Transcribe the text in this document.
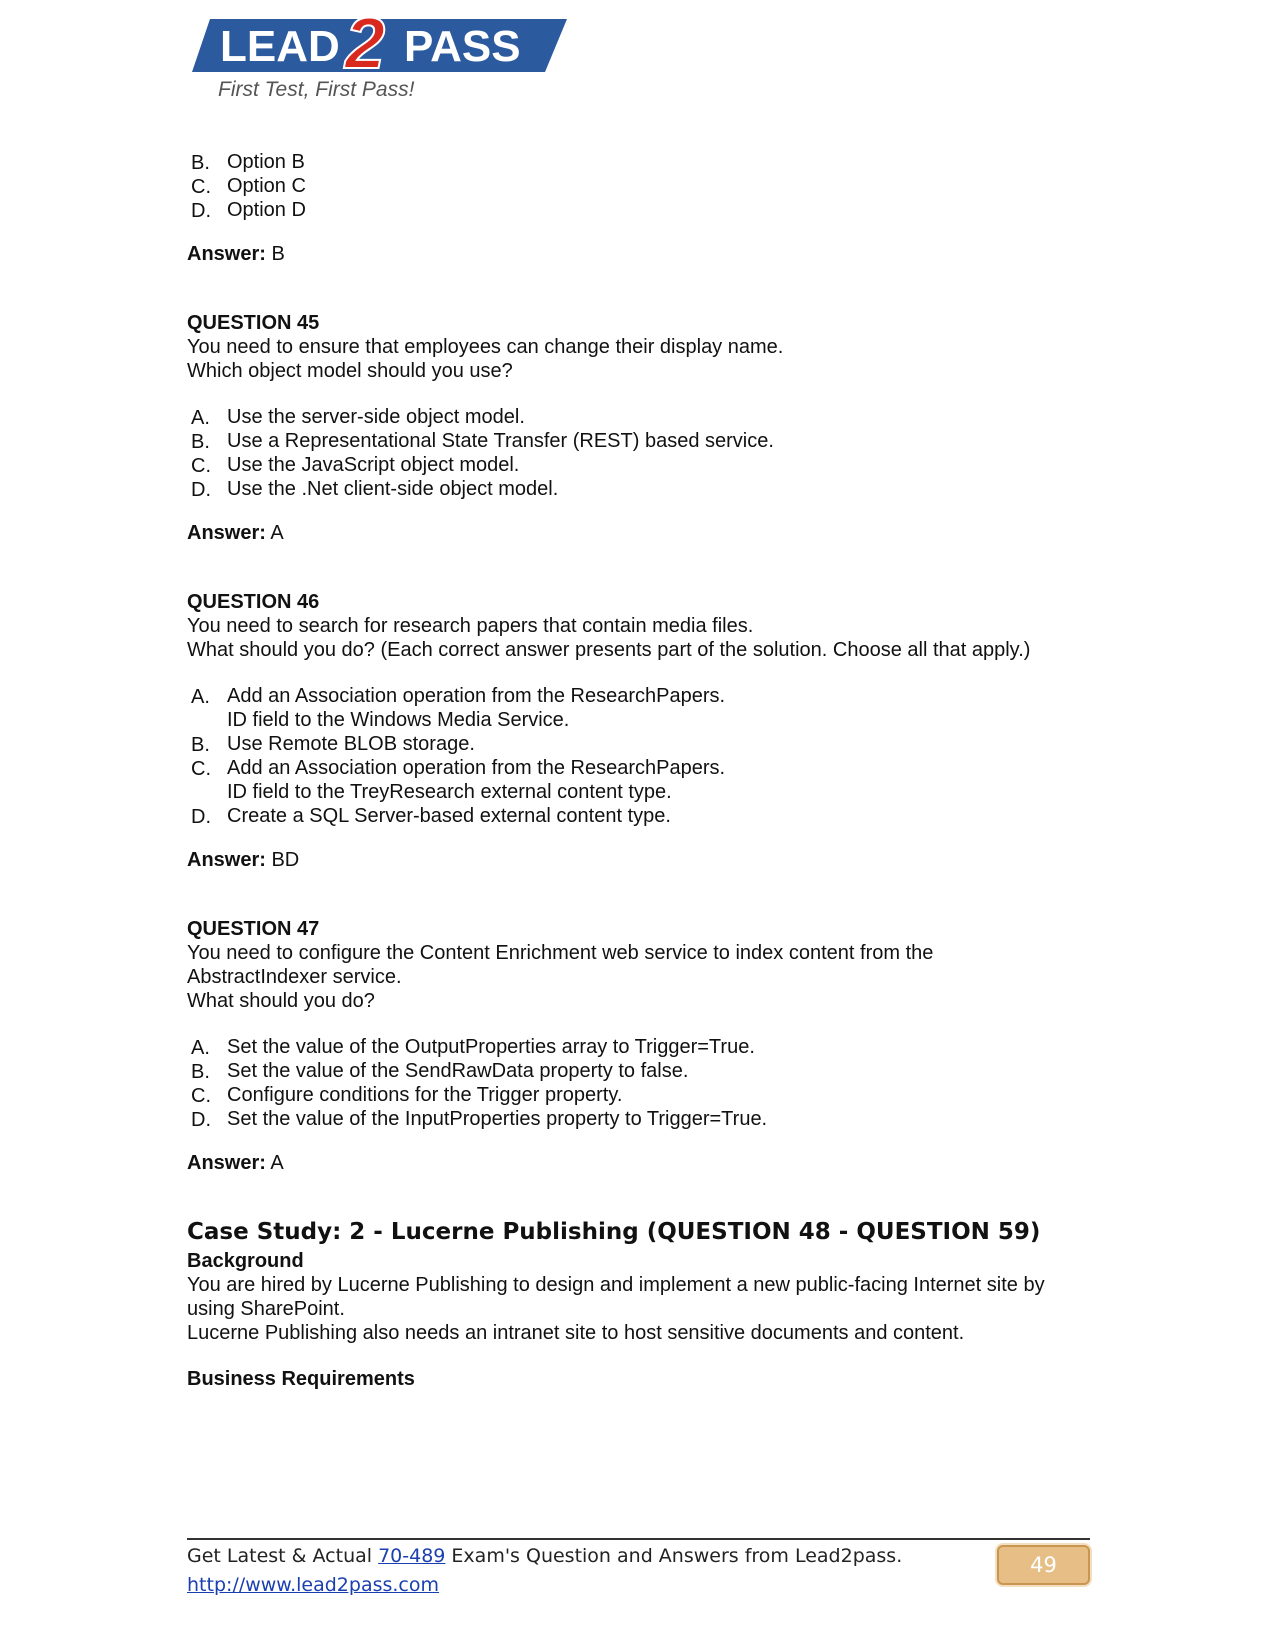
LEAD 2 PASS
First Test, First Pass!
B. Option B
C. Option C
D. Option D

Answer: B

QUESTION 45

You need to ensure that employees can change their display name.

Which object model should you use?

A. Use the server-side object model.
B. Use a Representational State Transfer (REST) based service.
C. Use the JavaScript object model.
D. Use the .Net client-side object model.

Answer: A

QUESTION 46

You need to search for research papers that contain media files.

What should you do? (Each correct answer presents part of the solution. Choose all that apply.)

A. Add an Association operation from the ResearchPapers.
ID field to the Windows Media Service.
B. Use Remote BLOB storage.
C. Add an Association operation from the ResearchPapers.
ID field to the TreyResearch external content type.
D. Create a SQL Server-based external content type.

Answer: BD

QUESTION 47

You need to configure the Content Enrichment web service to index content from the

AbstractIndexer service.

What should you do?

A. Set the value of the OutputProperties array to Trigger=True.
B. Set the value of the SendRawData property to false.
C. Configure conditions for the Trigger property.
D. Set the value of the InputProperties property to Trigger=True.

Answer: A

Case Study: 2 - Lucerne Publishing (QUESTION 48 - QUESTION 59)

Background

You are hired by Lucerne Publishing to design and implement a new public-facing Internet site by

using SharePoint.

Lucerne Publishing also needs an intranet site to host sensitive documents and content.

Business Requirements

Get Latest & Actual 70-489 Exam's Question and Answers from Lead2pass.
http://www.lead2pass.com
49
